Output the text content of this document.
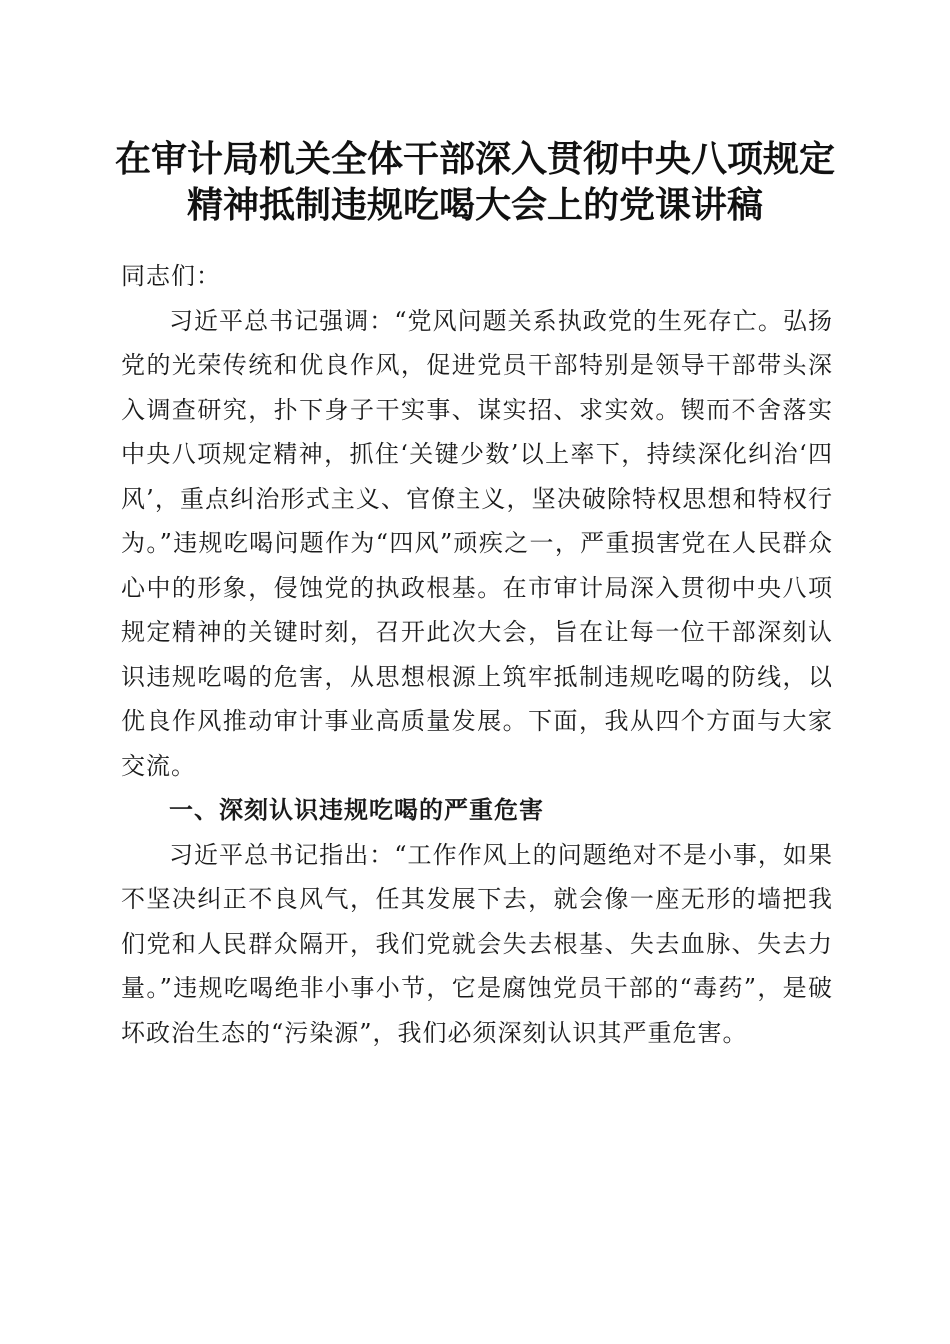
在审计局机关全体干部深入贯彻中央八项规定
精神抵制违规吃喝大会上的党课讲稿

同志们：

习近平总书记强调：“党风问题关系执政党的生死存亡。弘扬党的光荣传统和优良作风，促进党员干部特别是领导干部带头深入调查研究，扑下身子干实事、谋实招、求实效。锲而不舍落实中央八项规定精神，抓住‘关键少数’以上率下，持续深化纠治‘四风’，重点纠治形式主义、官僚主义，坚决破除特权思想和特权行为。”违规吃喝问题作为“四风”顽疾之一，严重损害党在人民群众心中的形象，侵蚀党的执政根基。在市审计局深入贯彻中央八项规定精神的关键时刻，召开此次大会，旨在让每一位干部深刻认识违规吃喝的危害，从思想根源上筑牢抵制违规吃喝的防线，以优良作风推动审计事业高质量发展。下面，我从四个方面与大家交流。

一、深刻认识违规吃喝的严重危害

习近平总书记指出：“工作作风上的问题绝对不是小事，如果不坚决纠正不良风气，任其发展下去，就会像一座无形的墙把我们党和人民群众隔开，我们党就会失去根基、失去血脉、失去力量。”违规吃喝绝非小事小节，它是腐蚀党员干部的“毒药”，是破坏政治生态的“污染源”，我们必须深刻认识其严重危害。
